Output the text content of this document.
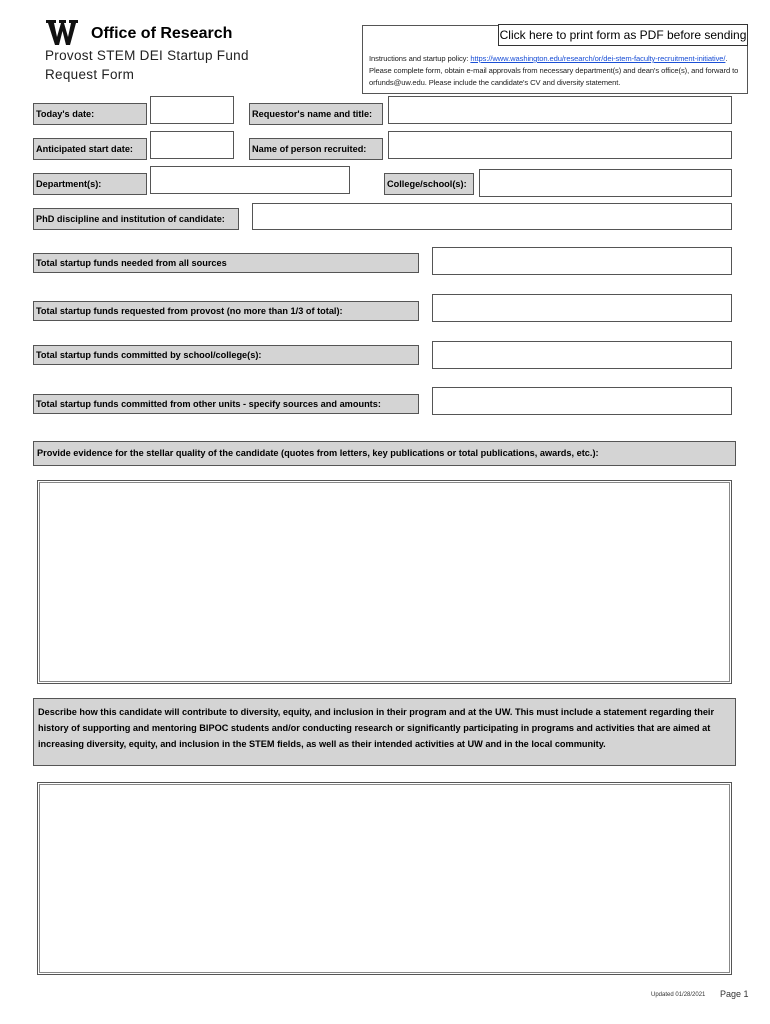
Office of Research
Provost STEM DEI Startup Fund
Request Form
Click here to print form as PDF before sending
Instructions and startup policy: https://www.washington.edu/research/or/dei-stem-faculty-recruitment-initiative/. Please complete form, obtain e-mail approvals from necessary department(s) and dean's office(s), and forward to orfunds@uw.edu. Please include the candidate's CV and diversity statement.
Today's date:	Requestor's name and title:
Anticipated start date:	Name of person recruited:
Department(s):	College/school(s):
PhD discipline and institution of candidate:
Total startup funds needed from all sources
Total startup funds requested from provost (no more than 1/3 of total):
Total startup funds committed by school/college(s):
Total startup funds committed from other units - specify sources and amounts:
Provide evidence for the stellar quality of the candidate (quotes from letters, key publications or total publications, awards, etc.):
Describe how this candidate will contribute to diversity, equity, and inclusion in their program and at the UW. This must include a statement regarding their history of supporting and mentoring BIPOC students and/or conducting research or significantly participating in programs and activities that are aimed at increasing diversity, equity, and inclusion in the STEM fields, as well as their intended activities at UW and in the local community.
Updated 01/28/2021 Page 1
